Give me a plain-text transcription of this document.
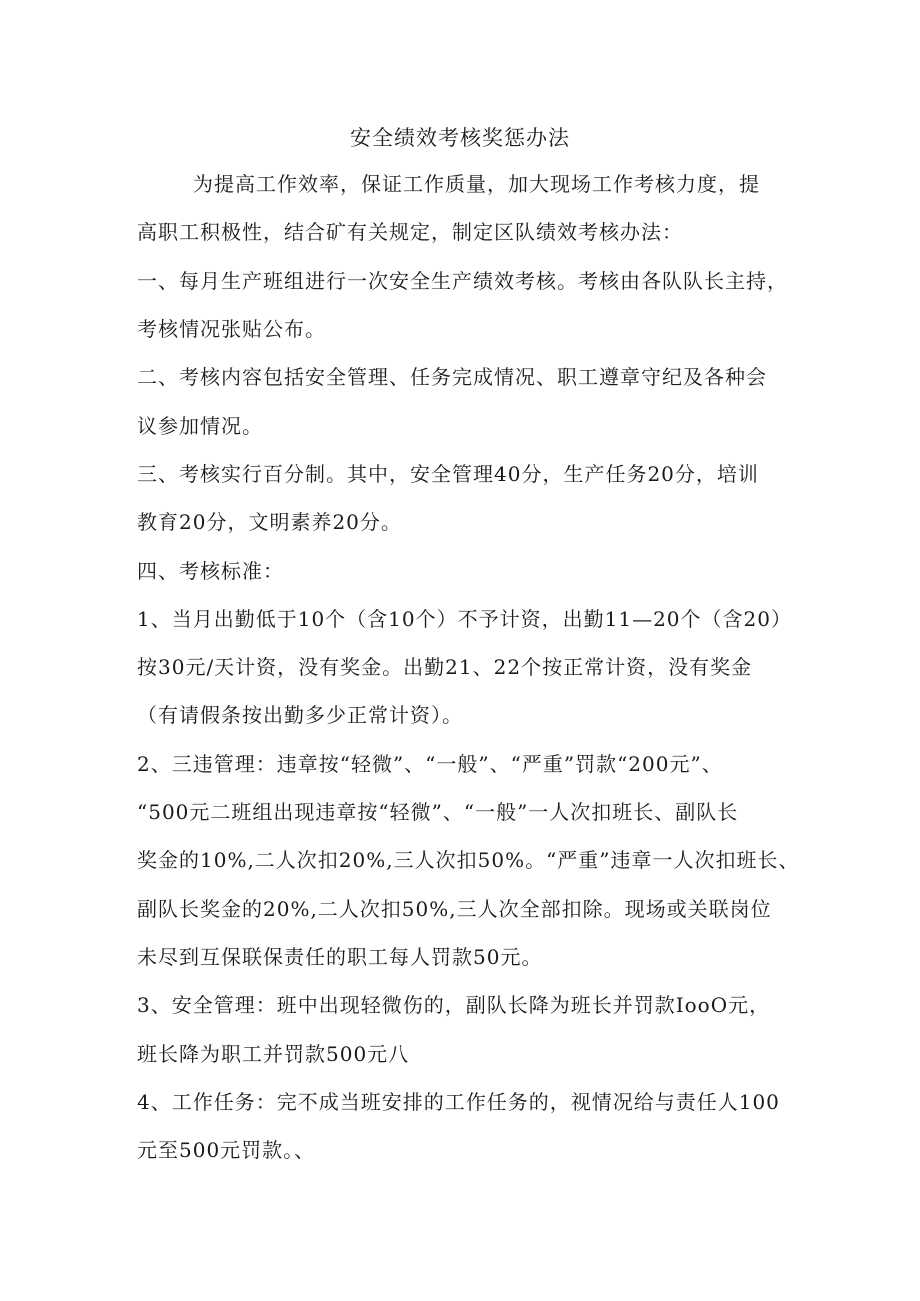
安全绩效考核奖惩办法
为提高工作效率，保证工作质量，加大现场工作考核力度，提
高职工积极性，结合矿有关规定，制定区队绩效考核办法：
一、每月生产班组进行一次安全生产绩效考核。考核由各队队长主持，
考核情况张贴公布。
二、考核内容包括安全管理、任务完成情况、职工遵章守纪及各种会
议参加情况。
三、考核实行百分制。其中，安全管理40分，生产任务20分，培训
教育20分，文明素养20分。
四、考核标准：
1、当月出勤低于10个（含10个）不予计资，出勤11—20个（含20）
按30元/天计资，没有奖金。出勤21、22个按正常计资，没有奖金
（有请假条按出勤多少正常计资）。
2、三违管理：违章按“轻微”、“一般”、“严重”罚款“200元”、
“500元二班组出现违章按“轻微”、“一般”一人次扣班长、副队长
奖金的10%,二人次扣20%,三人次扣50%。“严重”违章一人次扣班长、
副队长奖金的20%,二人次扣50%,三人次全部扣除。现场或关联岗位
未尽到互保联保责任的职工每人罚款50元。
3、安全管理：班中出现轻微伤的，副队长降为班长并罚款IooO元，
班长降为职工并罚款500元八
4、工作任务：完不成当班安排的工作任务的，视情况给与责任人100
元至500元罚款。、
